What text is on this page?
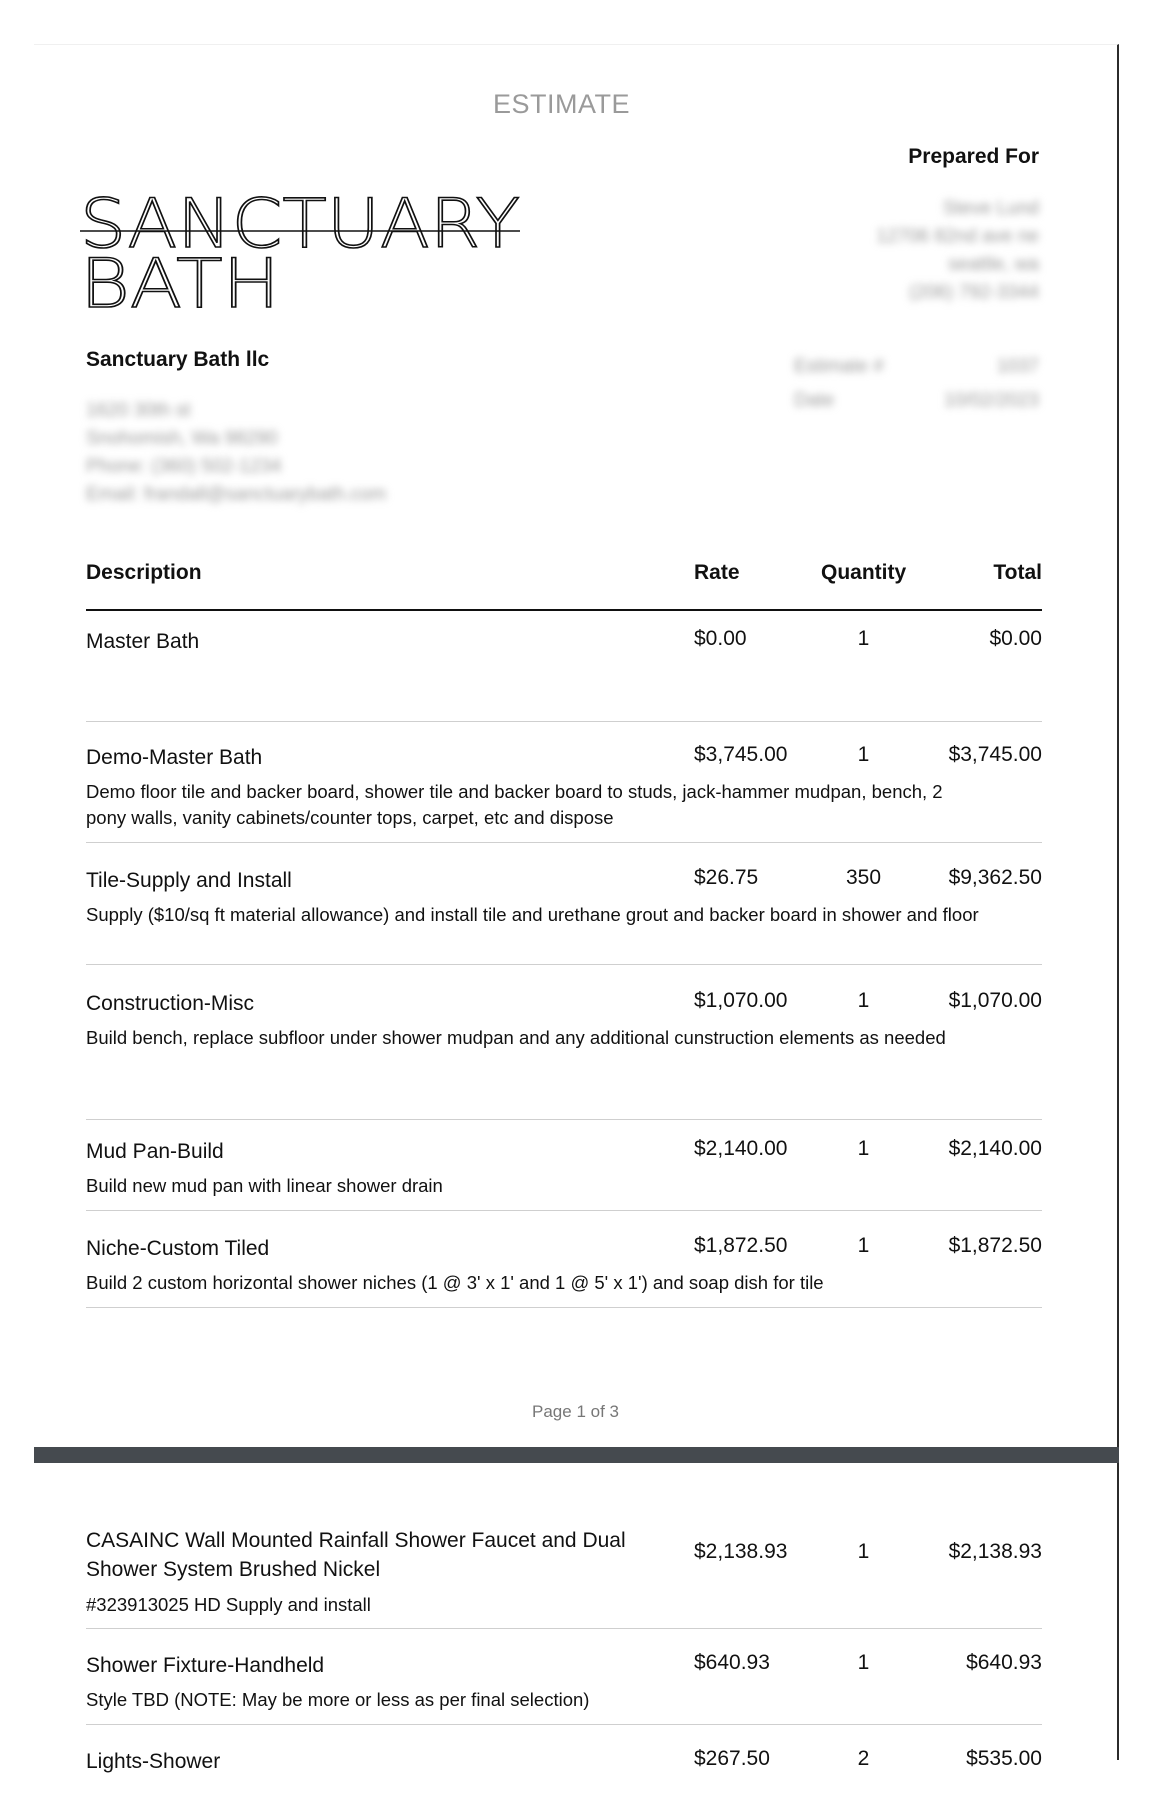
ESTIMATE
Prepared For
Steve Lund
12706 82nd ave ne
seattle, wa
(206) 792-3344
Estimate #	1037
Date	10/02/2023
SANCTUARY
BATH
Sanctuary Bath llc
1620 30th st
Snohomish, Wa 98290
Phone: (360) 502-1234
Email: frandall@sanctuarybath.com
Description	Rate	Quantity	Total
Master Bath	$0.00	1	$0.00
Demo-Master Bath	$3,745.00	1	$3,745.00
Demo floor tile and backer board, shower tile and backer board to studs, jack-hammer mudpan, bench, 2 pony walls, vanity cabinets/counter tops, carpet, etc and dispose
Tile-Supply and Install	$26.75	350	$9,362.50
Supply ($10/sq ft material allowance) and install tile and urethane grout and backer board in shower and floor
Construction-Misc	$1,070.00	1	$1,070.00
Build bench, replace subfloor under shower mudpan and any additional cunstruction elements as needed
Mud Pan-Build	$2,140.00	1	$2,140.00
Build new mud pan with linear shower drain
Niche-Custom Tiled	$1,872.50	1	$1,872.50
Build 2 custom horizontal shower niches (1 @ 3' x 1' and 1 @ 5' x 1') and soap dish for tile
Page 1 of 3
CASAINC Wall Mounted Rainfall Shower Faucet and Dual Shower System Brushed Nickel
$2,138.93	1	$2,138.93
#323913025 HD Supply and install
Shower Fixture-Handheld	$640.93	1	$640.93
Style TBD (NOTE: May be more or less as per final selection)
Lights-Shower	$267.50	2	$535.00
